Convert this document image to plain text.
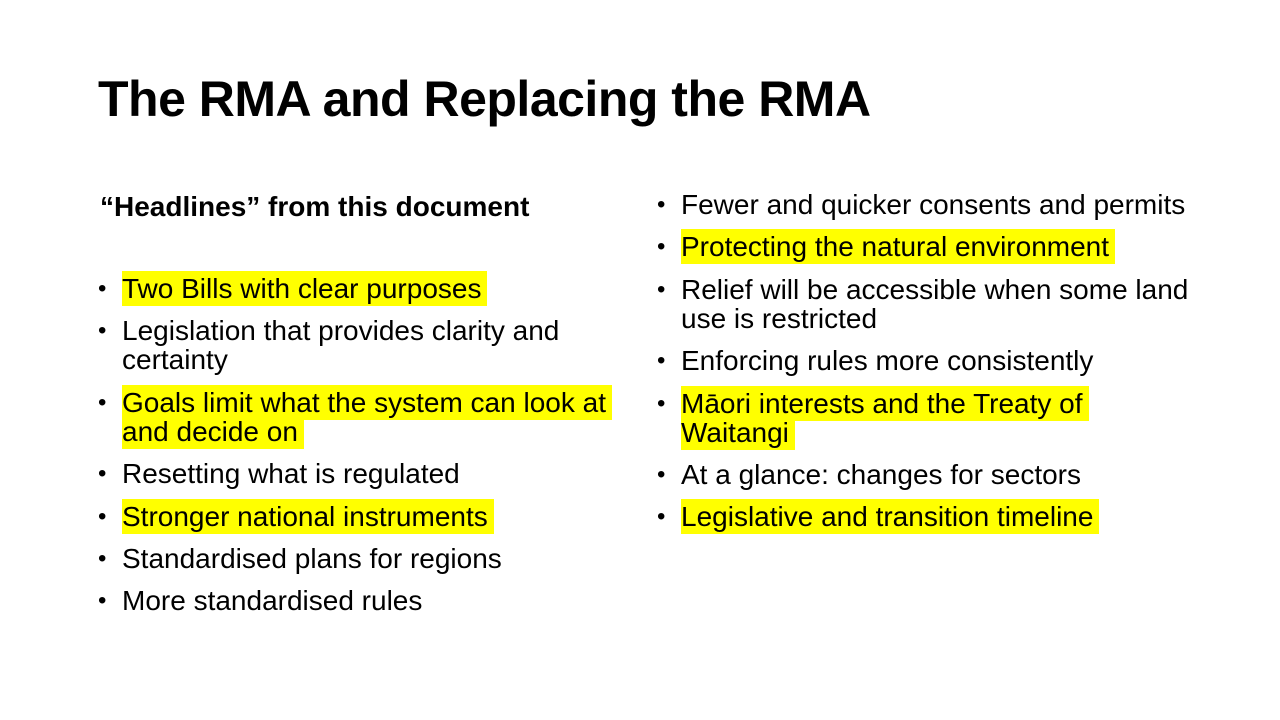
The RMA and Replacing the RMA
“Headlines” from this document
• Two Bills with clear purposes
• Legislation that provides clarity and certainty
• Goals limit what the system can look at and decide on
• Resetting what is regulated
• Stronger national instruments
• Standardised plans for regions
• More standardised rules
• Fewer and quicker consents and permits
• Protecting the natural environment
• Relief will be accessible when some land use is restricted
• Enforcing rules more consistently
• Māori interests and the Treaty of Waitangi
• At a glance: changes for sectors
• Legislative and transition timeline
